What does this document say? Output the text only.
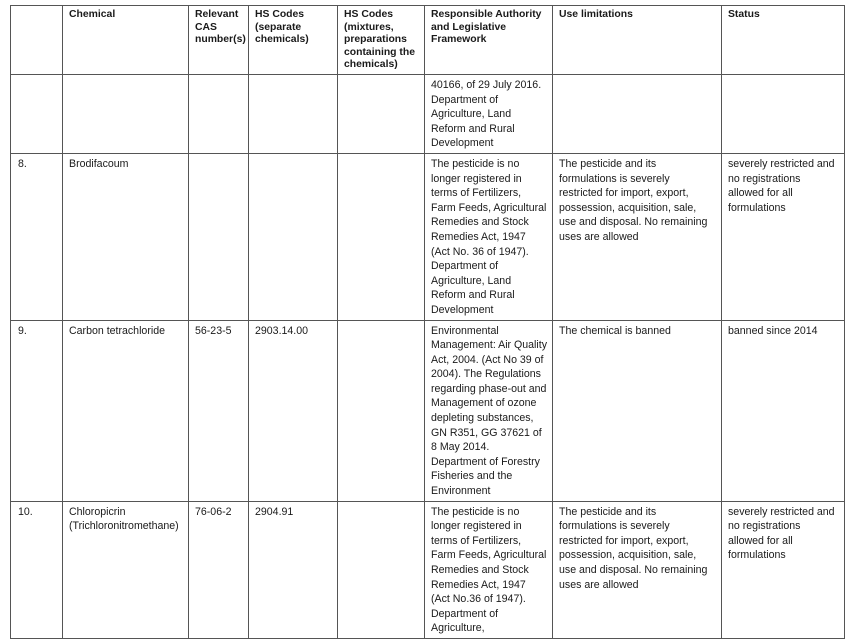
	Chemical	Relevant CAS number(s)	HS Codes (separate chemicals)	HS Codes (mixtures, preparations containing the chemicals)	Responsible Authority and Legislative Framework	Use limitations	Status
					40166, of 29 July 2016. Department of Agriculture, Land Reform and Rural Development		
8.	Brodifacoum				The pesticide is no longer registered in terms of Fertilizers, Farm Feeds, Agricultural Remedies and Stock Remedies Act, 1947 (Act No. 36 of 1947). Department of Agriculture, Land Reform and Rural Development	The pesticide and its formulations is severely restricted for import, export, possession, acquisition, sale, use and disposal. No remaining uses are allowed	severely restricted and no registrations allowed for all formulations
9.	Carbon tetrachloride	56-23-5	2903.14.00		Environmental Management: Air Quality Act, 2004. (Act No 39 of 2004). The Regulations regarding phase-out and Management of ozone depleting substances, GN R351, GG 37621 of 8 May 2014. Department of Forestry Fisheries and the Environment	The chemical is banned	banned since 2014
10.	Chloropicrin (Trichloronitromethane)	76-06-2	2904.91		The pesticide is no longer registered in terms of Fertilizers, Farm Feeds, Agricultural Remedies and Stock Remedies Act, 1947 (Act No.36 of 1947). Department of Agriculture,	The pesticide and its formulations is severely restricted for import, export, possession, acquisition, sale, use and disposal. No remaining uses are allowed	severely restricted and no registrations allowed for all formulations
